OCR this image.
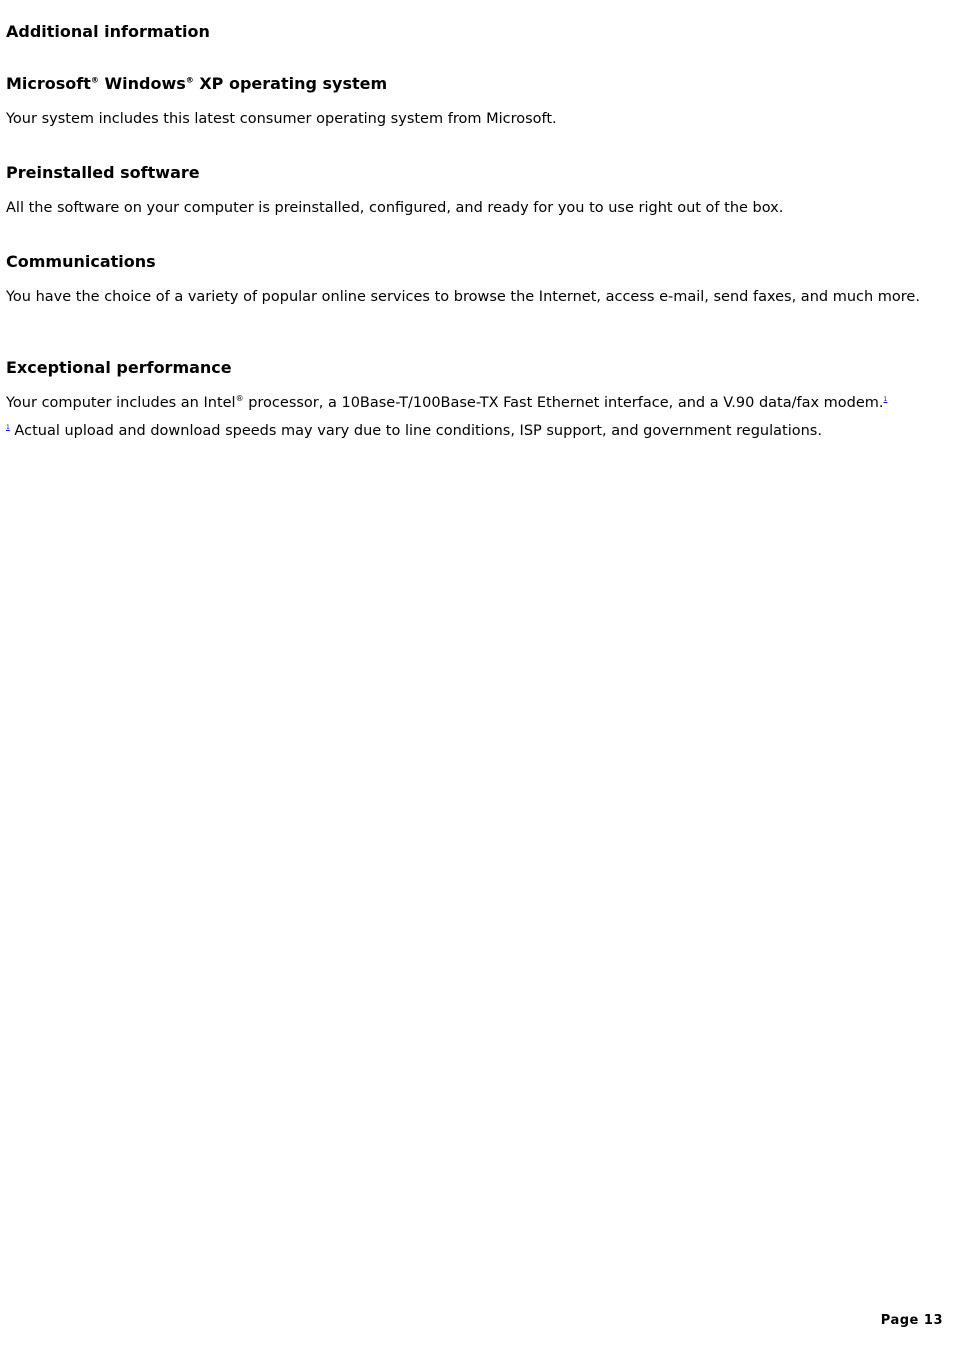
Additional information
Microsoft® Windows® XP operating system

Your system includes this latest consumer operating system from Microsoft.

Preinstalled software

All the software on your computer is preinstalled, configured, and ready for you to use right out of the box.

Communications

You have the choice of a variety of popular online services to browse the Internet, access e-mail, send faxes, and much more.

Exceptional performance

Your computer includes an Intel® processor, a 10Base-T/100Base-TX Fast Ethernet interface, and a V.90 data/fax modem.$^1$

$^1$ Actual upload and download speeds may vary due to line conditions, ISP support, and government regulations.

Page 13
